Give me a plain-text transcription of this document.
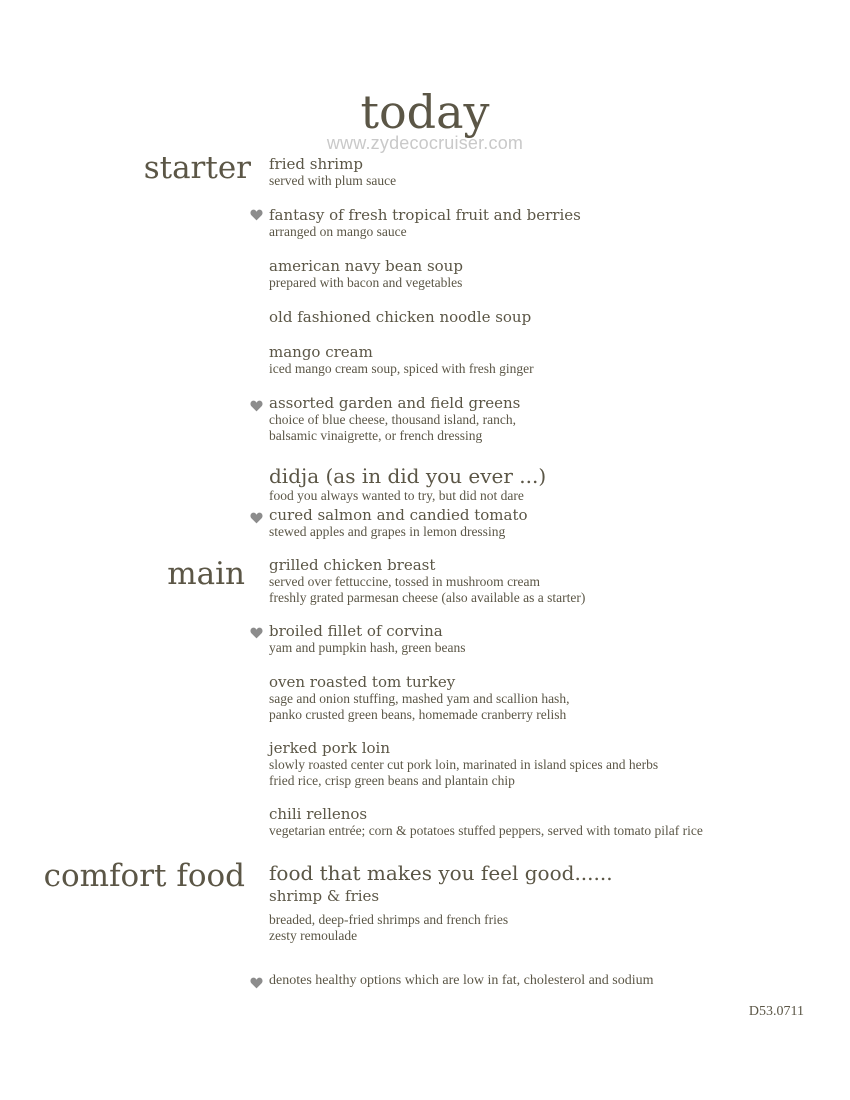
today
www.zydecocruiser.com
starter
main
comfort food
fried shrimp
served with plum sauce
fantasy of fresh tropical fruit and berries
arranged on mango sauce
american navy bean soup
prepared with bacon and vegetables
old fashioned chicken noodle soup
mango cream
iced mango cream soup, spiced with fresh ginger
assorted garden and field greens
choice of blue cheese, thousand island, ranch,
balsamic vinaigrette, or french dressing
didja (as in did you ever ...)
food you always wanted to try, but did not dare
cured salmon and candied tomato
stewed apples and grapes in lemon dressing
grilled chicken breast
served over fettuccine, tossed in mushroom cream
freshly grated parmesan cheese (also available as a starter)
broiled fillet of corvina
yam and pumpkin hash, green beans
oven roasted tom turkey
sage and onion stuffing, mashed yam and scallion hash,
panko crusted green beans, homemade cranberry relish
jerked pork loin
slowly roasted center cut pork loin, marinated in island spices and herbs
fried rice, crisp green beans and plantain chip
chili rellenos
vegetarian entrée; corn & potatoes stuffed peppers, served with tomato pilaf rice
food that makes you feel good......
shrimp & fries
breaded, deep-fried shrimps and french fries
zesty remoulade
denotes healthy options which are low in fat, cholesterol and sodium
D53.0711
